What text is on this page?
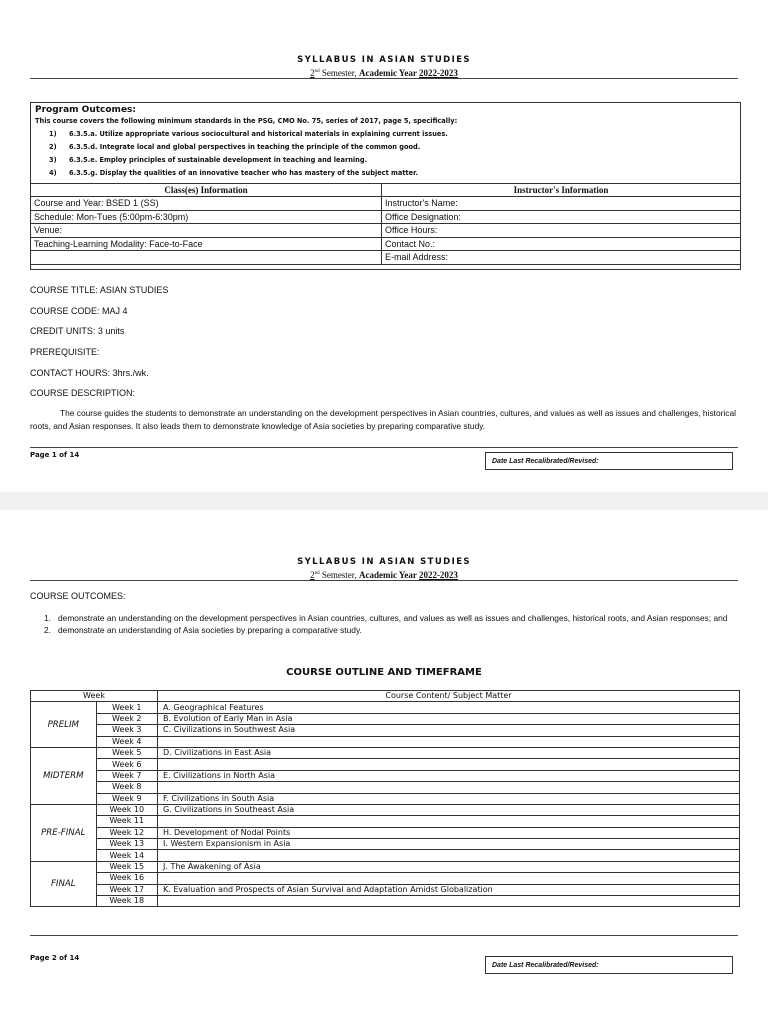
SYLLABUS IN ASIAN STUDIES
2nd Semester, Academic Year 2022-2023
Program Outcomes:
This course covers the following minimum standards in the PSG, CMO No. 75, series of 2017, page 5, specifically:
1) 6.3.5.a. Utilize appropriate various sociocultural and historical materials in explaining current issues.
2) 6.3.5.d. Integrate local and global perspectives in teaching the principle of the common good.
3) 6.3.5.e. Employ principles of sustainable development in teaching and learning.
4) 6.3.5.g. Display the qualities of an innovative teacher who has mastery of the subject matter.
Class(es) Information	Instructor's Information
Course and Year: BSED 1 (SS)	Instructor's Name:
Schedule: Mon-Tues (5:00pm-6:30pm)	Office Designation:
Venue:	Office Hours:
Teaching-Learning Modality: Face-to-Face	Contact No.:
	E-mail Address:
COURSE TITLE: ASIAN STUDIES
COURSE CODE: MAJ 4
CREDIT UNITS: 3 units
PREREQUISITE:
CONTACT HOURS: 3hrs./wk.
COURSE DESCRIPTION:
The course guides the students to demonstrate an understanding on the development perspectives in Asian countries, cultures, and values as well as issues and challenges, historical roots, and Asian responses. It also leads them to demonstrate knowledge of Asia societies by preparing comparative study.
Page 1 of 14
Date Last Recalibrated/Revised:
SYLLABUS IN ASIAN STUDIES
2nd Semester, Academic Year 2022-2023
COURSE OUTCOMES:
1. demonstrate an understanding on the development perspectives in Asian countries, cultures, and values as well as issues and challenges, historical roots, and Asian responses; and
2. demonstrate an understanding of Asia societies by preparing a comparative study.
COURSE OUTLINE AND TIMEFRAME
Week		Course Content/ Subject Matter
PRELIM	Week 1	A. Geographical Features
	Week 2	B. Evolution of Early Man in Asia
	Week 3	C. Civilizations in Southwest Asia
	Week 4	
MIDTERM	Week 5	D. Civilizations in East Asia
	Week 6	
	Week 7	E. Civilizations in North Asia
	Week 8	
	Week 9	F. Civilizations in South Asia
PRE-FINAL	Week 10	G. Civilizations in Southeast Asia
	Week 11	
	Week 12	H. Development of Nodal Points
	Week 13	I. Western Expansionism in Asia
	Week 14	
FINAL	Week 15	J. The Awakening of Asia
	Week 16	
	Week 17	K. Evaluation and Prospects of Asian Survival and Adaptation Amidst Globalization
	Week 18	
Page 2 of 14
Date Last Recalibrated/Revised:
